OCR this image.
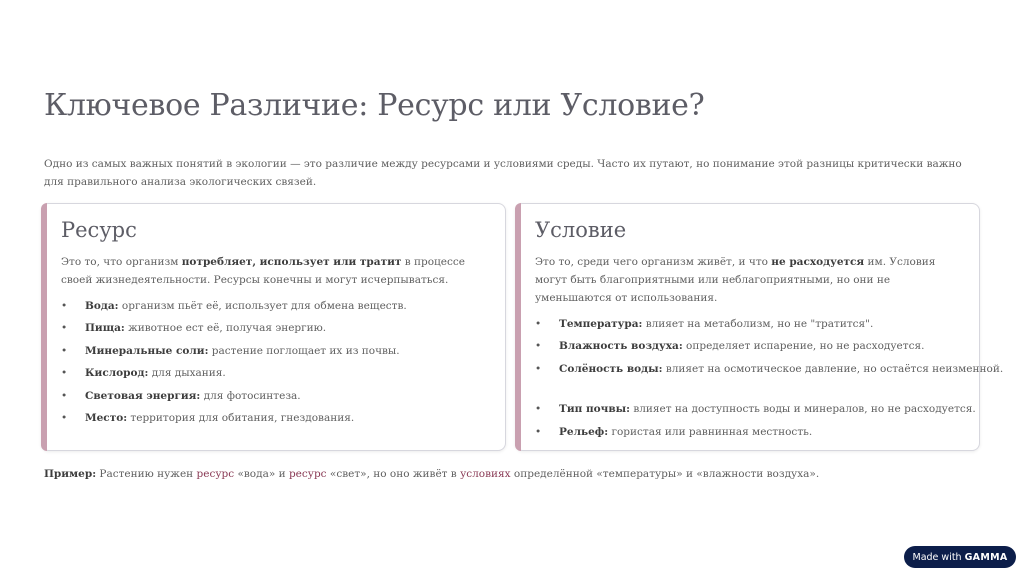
Ключевое Различие: Ресурс или Условие?
Одно из самых важных понятий в экологии — это различие между ресурсами и условиями среды. Часто их путают, но понимание этой разницы критически важно для правильного анализа экологических связей.
Ресурс
Это то, что организм потребляет, использует или тратит в процессе своей жизнедеятельности. Ресурсы конечны и могут исчерпываться.
• Вода: организм пьёт её, использует для обмена веществ.
• Пища: животное ест её, получая энергию.
• Минеральные соли: растение поглощает их из почвы.
• Кислород: для дыхания.
• Световая энергия: для фотосинтеза.
• Место: территория для обитания, гнездования.
Условие
Это то, среди чего организм живёт, и что не расходуется им. Условия могут быть благоприятными или неблагоприятными, но они не уменьшаются от использования.
• Температура: влияет на метаболизм, но не "тратится".
• Влажность воздуха: определяет испарение, но не расходуется.
• Солёность воды: влияет на осмотическое давление, но остаётся неизменной.
• Тип почвы: влияет на доступность воды и минералов, но не расходуется.
• Рельеф: гористая или равнинная местность.
Пример: Растению нужен ресурс «вода» и ресурс «свет», но оно живёт в условиях определённой «температуры» и «влажности воздуха».
Made with GAMMA
